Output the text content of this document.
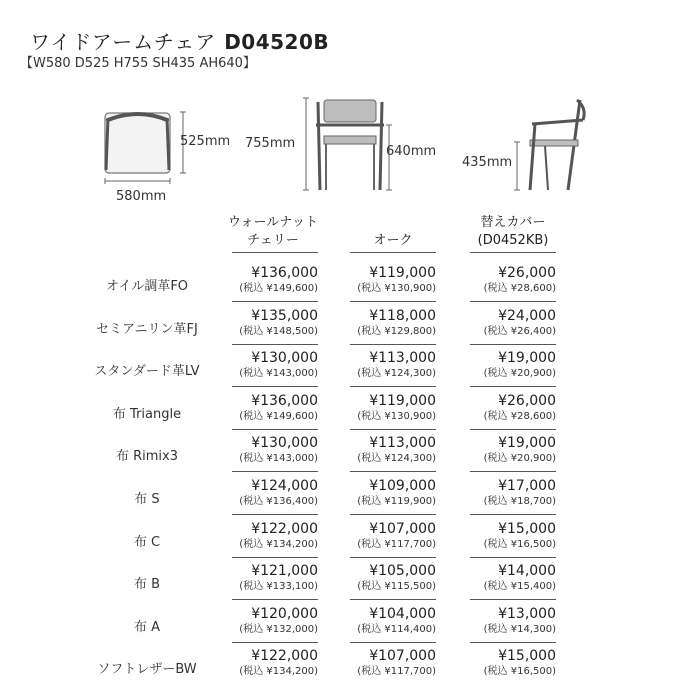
ワイドアームチェア D04520B
【W580 D525 H755 SH435 AH640】
525mm
580mm
755mm
640mm
435mm
ウォールナット
チェリー
	オーク
替えカバー
(D0452KB)
オイル調革FO
¥136,000
(税込 ¥149,600)
¥119,000
(税込 ¥130,900)
¥26,000
(税込 ¥28,600)
セミアニリン革FJ
¥135,000
(税込 ¥148,500)
¥118,000
(税込 ¥129,800)
¥24,000
(税込 ¥26,400)
スタンダード革LV
¥130,000
(税込 ¥143,000)
¥113,000
(税込 ¥124,300)
¥19,000
(税込 ¥20,900)
布 Triangle
¥136,000
(税込 ¥149,600)
¥119,000
(税込 ¥130,900)
¥26,000
(税込 ¥28,600)
布 Rimix3
¥130,000
(税込 ¥143,000)
¥113,000
(税込 ¥124,300)
¥19,000
(税込 ¥20,900)
布 S
¥124,000
(税込 ¥136,400)
¥109,000
(税込 ¥119,900)
¥17,000
(税込 ¥18,700)
布 C
¥122,000
(税込 ¥134,200)
¥107,000
(税込 ¥117,700)
¥15,000
(税込 ¥16,500)
布 B
¥121,000
(税込 ¥133,100)
¥105,000
(税込 ¥115,500)
¥14,000
(税込 ¥15,400)
布 A
¥120,000
(税込 ¥132,000)
¥104,000
(税込 ¥114,400)
¥13,000
(税込 ¥14,300)
ソフトレザーBW
¥122,000
(税込 ¥134,200)
¥107,000
(税込 ¥117,700)
¥15,000
(税込 ¥16,500)
